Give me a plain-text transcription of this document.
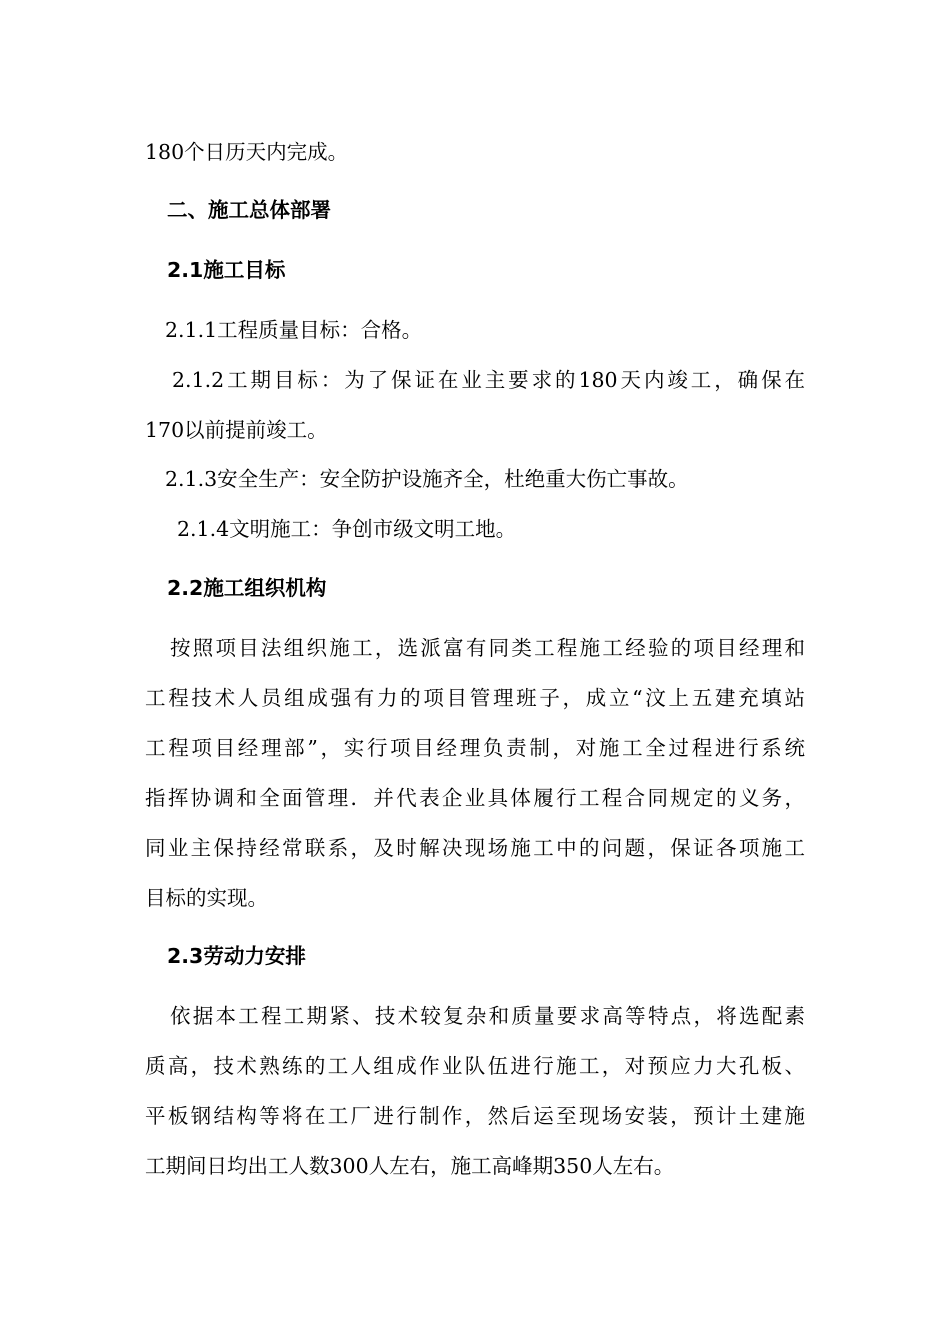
180个日历天内完成。
二、施工总体部署
2.1施工目标
2.1.1工程质量目标：合格。
2.1.2工期目标：为了保证在业主要求的180天内竣工，确保在
170以前提前竣工。
2.1.3安全生产：安全防护设施齐全，杜绝重大伤亡事故。
2.1.4文明施工：争创市级文明工地。
2.2施工组织机构
按照项目法组织施工，选派富有同类工程施工经验的项目经理和
工程技术人员组成强有力的项目管理班子，成立“汶上五建充填站
工程项目经理部”，实行项目经理负责制，对施工全过程进行系统
指挥协调和全面管理．并代表企业具体履行工程合同规定的义务，
同业主保持经常联系，及时解决现场施工中的问题，保证各项施工
目标的实现。
2.3劳动力安排
依据本工程工期紧、技术较复杂和质量要求高等特点，将选配素
质高，技术熟练的工人组成作业队伍进行施工，对预应力大孔板、
平板钢结构等将在工厂进行制作，然后运至现场安装，预计土建施
工期间日均出工人数300人左右，施工高峰期350人左右。
